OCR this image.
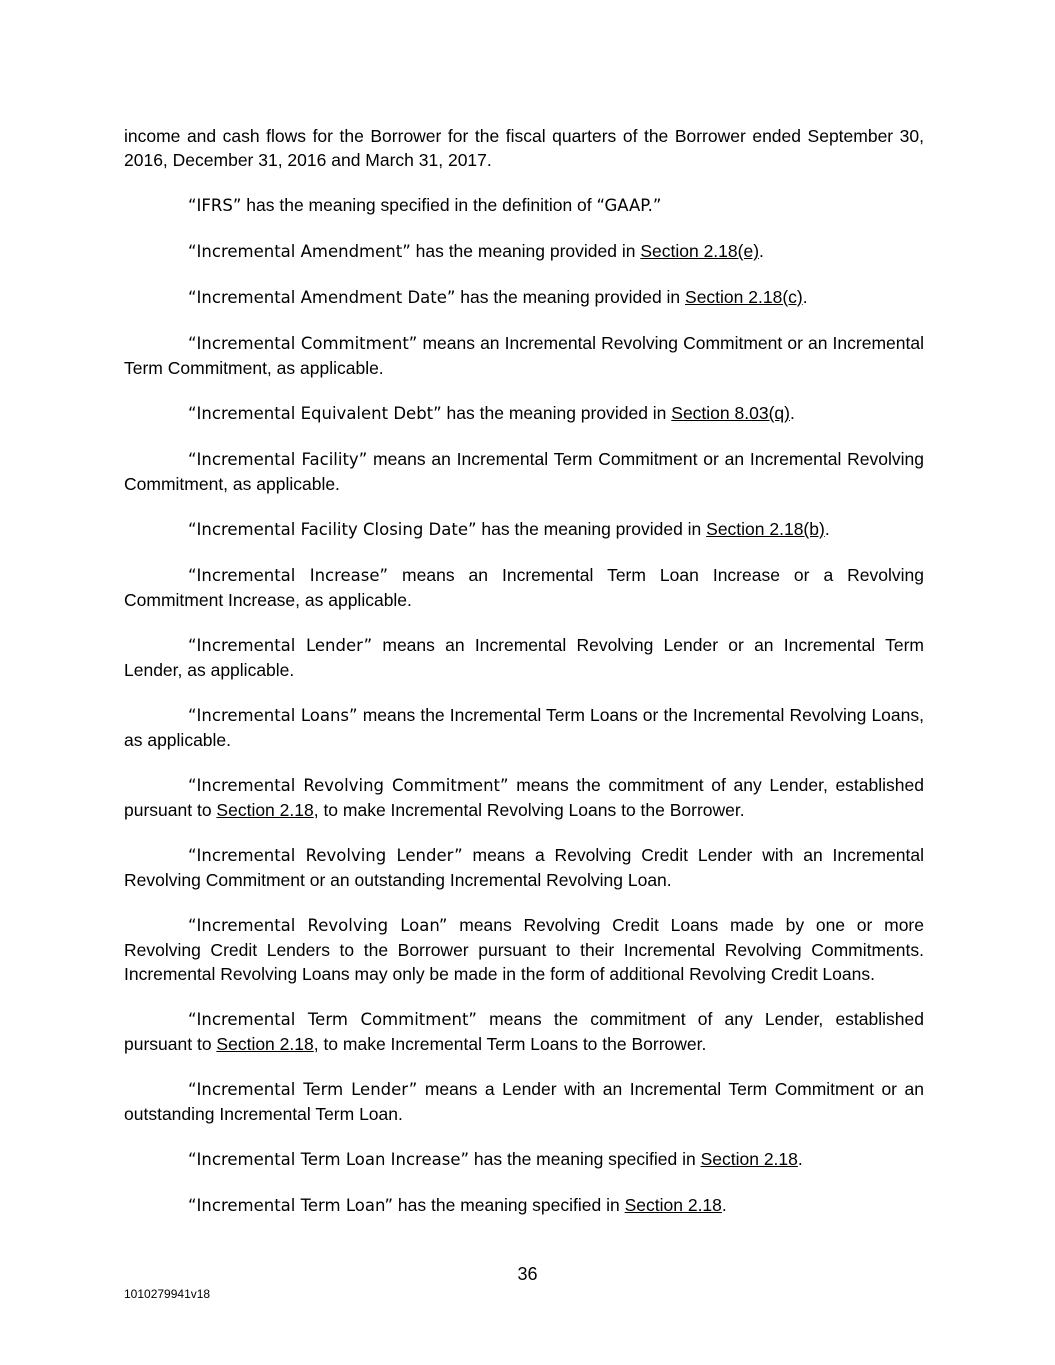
income and cash flows for the Borrower for the fiscal quarters of the Borrower ended September 30, 2016, December 31, 2016 and March 31, 2017.

“IFRS” has the meaning specified in the definition of “GAAP.”

“Incremental Amendment” has the meaning provided in Section 2.18(e).

“Incremental Amendment Date” has the meaning provided in Section 2.18(c).

“Incremental Commitment” means an Incremental Revolving Commitment or an Incremental Term Commitment, as applicable.

“Incremental Equivalent Debt” has the meaning provided in Section 8.03(q).

“Incremental Facility” means an Incremental Term Commitment or an Incremental Revolving Commitment, as applicable.

“Incremental Facility Closing Date” has the meaning provided in Section 2.18(b).

“Incremental Increase” means an Incremental Term Loan Increase or a Revolving Commitment Increase, as applicable.

“Incremental Lender” means an Incremental Revolving Lender or an Incremental Term Lender, as applicable.

“Incremental Loans” means the Incremental Term Loans or the Incremental Revolving Loans, as applicable.

“Incremental Revolving Commitment” means the commitment of any Lender, established pursuant to Section 2.18, to make Incremental Revolving Loans to the Borrower.

“Incremental Revolving Lender” means a Revolving Credit Lender with an Incremental Revolving Commitment or an outstanding Incremental Revolving Loan.

“Incremental Revolving Loan” means Revolving Credit Loans made by one or more Revolving Credit Lenders to the Borrower pursuant to their Incremental Revolving Commitments. Incremental Revolving Loans may only be made in the form of additional Revolving Credit Loans.

“Incremental Term Commitment” means the commitment of any Lender, established pursuant to Section 2.18, to make Incremental Term Loans to the Borrower.

“Incremental Term Lender” means a Lender with an Incremental Term Commitment or an outstanding Incremental Term Loan.

“Incremental Term Loan Increase” has the meaning specified in Section 2.18.

“Incremental Term Loan” has the meaning specified in Section 2.18.

36
1010279941v18
